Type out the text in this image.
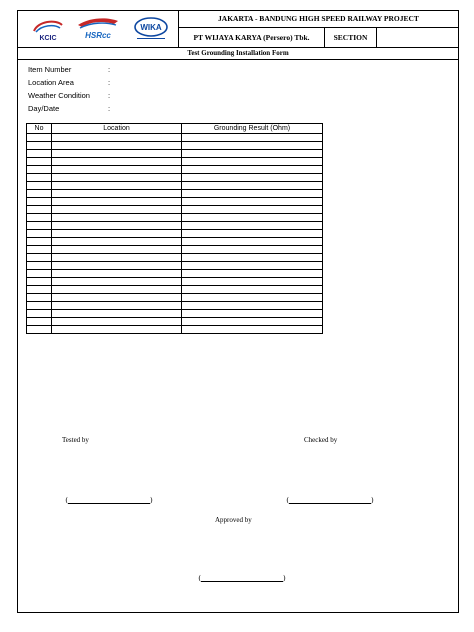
KCIC	HSRcc
WIKA
JAKARTA - BANDUNG HIGH SPEED RAILWAY PROJECT
PT WIJAYA KARYA (Persero) Tbk.	SECTION
Test Grounding Installation Form
Item Number	:
Location Area	:
Weather Condition :
Day/Date	:
No	Location	Grounding Result (Ohm)

Tested by	Checked by

(	)
	(	)

Approved by

(	)
